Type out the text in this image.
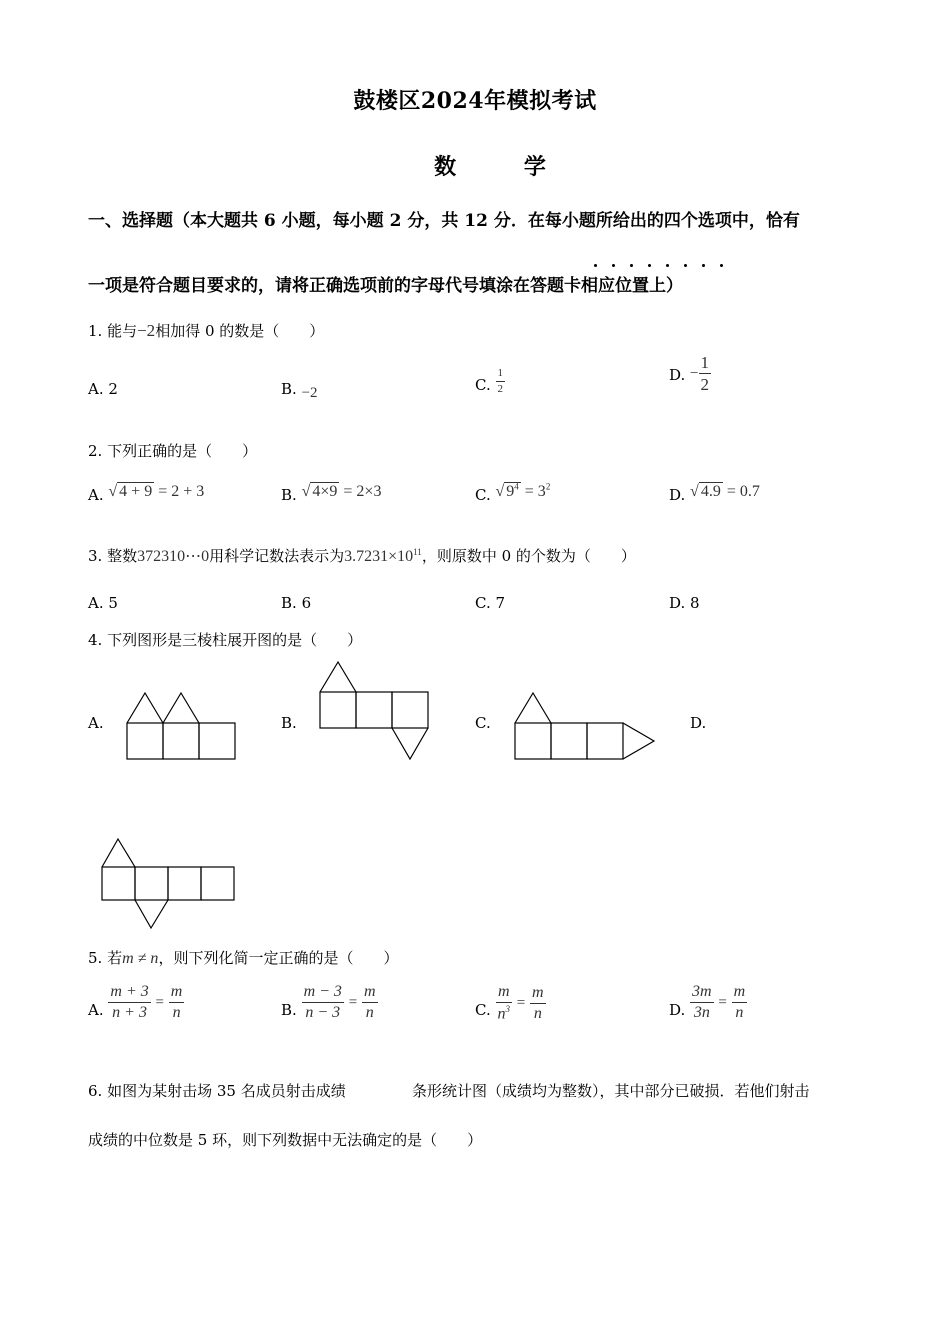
鼓楼区2024年模拟考试
数 学
一、选择题（本大题共 6 小题，每小题 2 分，共 12 分．在每小题所给出的四个选项中，恰有
一项是符合题目要求的，请将正确选项前的字母代号填涂在答题卡相应位置上）
1. 能与−2相加得 0 的数是（　　）
A. 2	B. −2	C. $\frac{1}{2}$	D. − $\frac{1}{2}$
2. 下列正确的是（　　）
A. √ 4 + 9 = 2 + 3	B. √ 4×9 = 2×3	C. √ $9^4 = 3^2$	D. √ 4.9 = 0.7
3. 整数372310⋯0用科学记数法表示为$3.7231\times 10^{11}$，则原数中 0 的个数为（　　）
A. 5	B. 6	C. 7	D. 8
4. 下列图形是三棱柱展开图的是（　　）
A.	B.	C.	D.
5. 若m ≠ n，则下列化简一定正确的是（　　）
A. $\frac{m + 3}{n + 3} = \frac{m}{n}$	B. $\frac{m - 3}{n - 3} = \frac{m}{n}$	C. $\frac{m}{n^3} = \frac{m}{n}$	D. $\frac{3m}{3n} = \frac{m}{n}$
6. 如图为某射击场 35 名成员射击成绩	条形统计图（成绩均为整数），其中部分已破损．若他们射击
成绩的中位数是 5 环，则下列数据中无法确定的是（　　）
